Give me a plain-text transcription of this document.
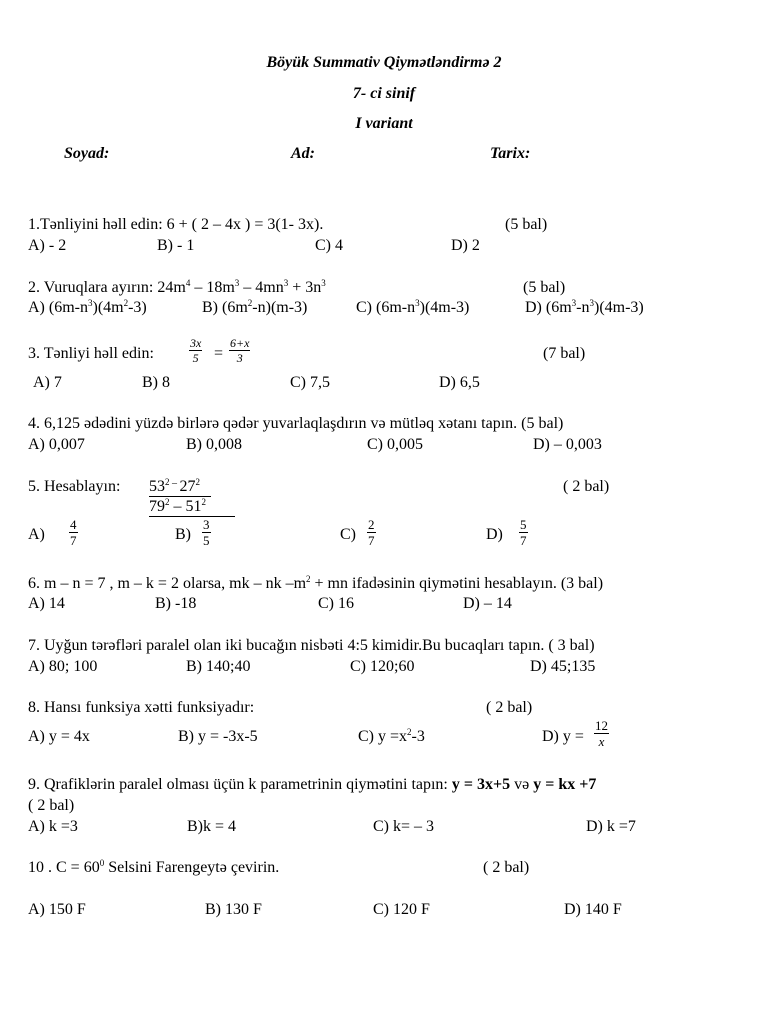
Böyük Summativ Qiymətləndirmə 2
7- ci sinif
I variant
Soyad:	Ad:	Tarix:
1.Tənliyini həll edin: 6 + ( 2 – 4x ) = 3(1- 3x).	(5 bal)
A) - 2	B) - 1	C) 4	D) 2
2. Vuruqlara ayırın: $24m^4 - 18m^3 - 4mn^3 + 3n^3$	(5 bal)
A) $(6m-n^3)(4m^2-3)$	B) $(6m^2-n)(m-3)$	C) $(6m-n^3)(4m-3)$	D) $(6m^3-n^3)(4m-3)$
3. Tənliyi həll edin:	$\frac{3x}{5} = \frac{6+x}{3}$	(7 bal)
A) 7	B) 8	C) 7,5	D) 6,5
4. 6,125 ədədini yüzdə birlərə qədər yuvarlaqlaşdırın və mütləq xətanı tapın. (5 bal)
A) 0,007	B) 0,008	C) 0,005	D) – 0,003
5. Hesablayın: $53^2$ – $27^2$
$79^2 - 51^2$
( 2 bal)
$A) \frac{4}{7}$	$B) \frac{3}{5}$	$C) \frac{2}{7}$	$D) \frac{5}{7}$
6. m – n = 7 , m – k = 2 olarsa, mk – nk $-m^2$ + mn ifadəsinin qiymətini hesablayın. (3 bal)
A) 14	B) -18	C) 16	D) – 14
7. Uyğun tərəfləri paralel olan iki bucağın nisbəti 4:5 kimidir.Bu bucaqları tapın. ( 3 bal)
A) 80; 100	B) 140;40	C) 120;60	D) 45;135
8. Hansı funksiya xətti funksiyadır:	( 2 bal)
A) y = 4x	B) y = -3x-5	C) $y =x^2-3$	D) $y = \frac{12}{x}$
9. Qrafiklərin paralel olması üçün k parametrinin qiymətini tapın: y = 3x+5 və y = kx +7
( 2 bal)
A) k =3	B)k = 4	C) k= – 3	D) k =7
10 . $C = 60^0$ Selsini Farengeytə çevirin.	( 2 bal)
A) 150 F	B) 130 F	C) 120 F	D) 140 F
